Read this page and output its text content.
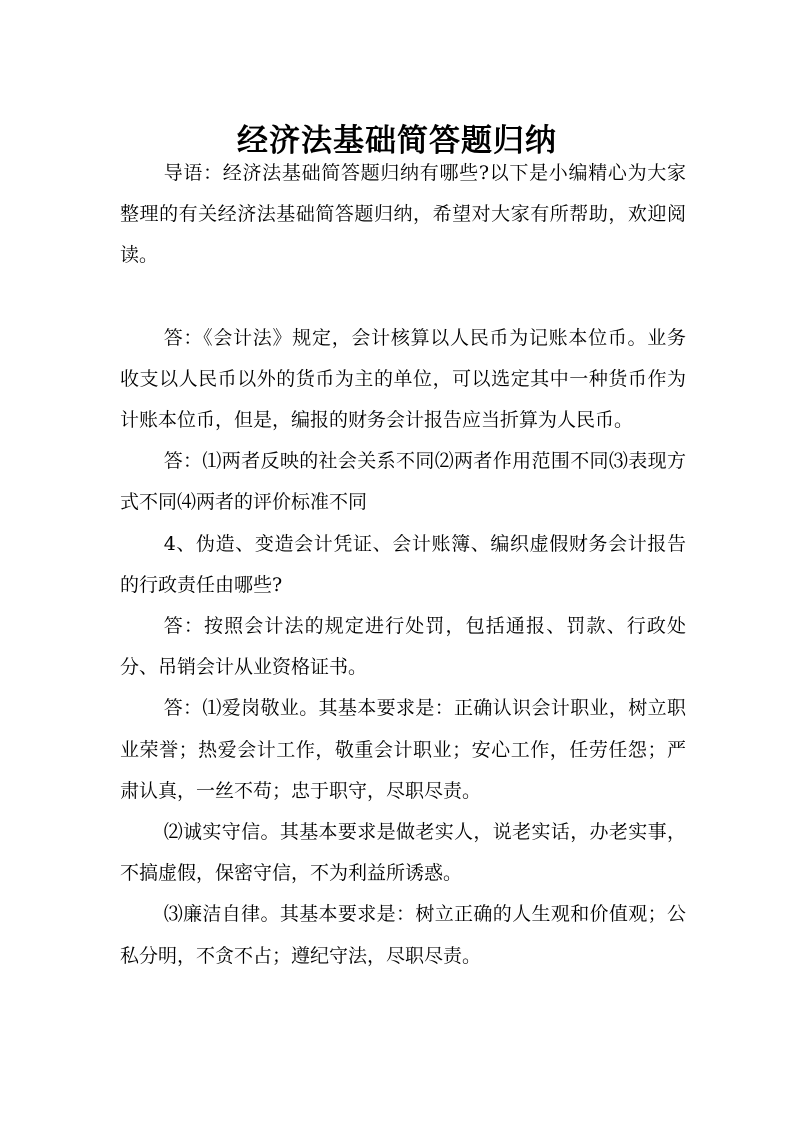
经济法基础简答题归纳

导语：经济法基础简答题归纳有哪些?以下是小编精心为大家整理的有关经济法基础简答题归纳，希望对大家有所帮助，欢迎阅读。

答：《会计法》规定，会计核算以人民币为记账本位币。业务收支以人民币以外的货币为主的单位，可以选定其中一种货币作为计账本位币，但是，编报的财务会计报告应当折算为人民币。

答：⑴两者反映的社会关系不同⑵两者作用范围不同⑶表现方式不同⑷两者的评价标准不同

4、伪造、变造会计凭证、会计账簿、编织虚假财务会计报告的行政责任由哪些?

答：按照会计法的规定进行处罚，包括通报、罚款、行政处分、吊销会计从业资格证书。

答：⑴爱岗敬业。其基本要求是：正确认识会计职业，树立职业荣誉；热爱会计工作，敬重会计职业；安心工作，任劳任怨；严肃认真，一丝不苟；忠于职守，尽职尽责。

⑵诚实守信。其基本要求是做老实人，说老实话，办老实事，不搞虚假，保密守信，不为利益所诱惑。

⑶廉洁自律。其基本要求是：树立正确的人生观和价值观；公私分明，不贪不占；遵纪守法，尽职尽责。
